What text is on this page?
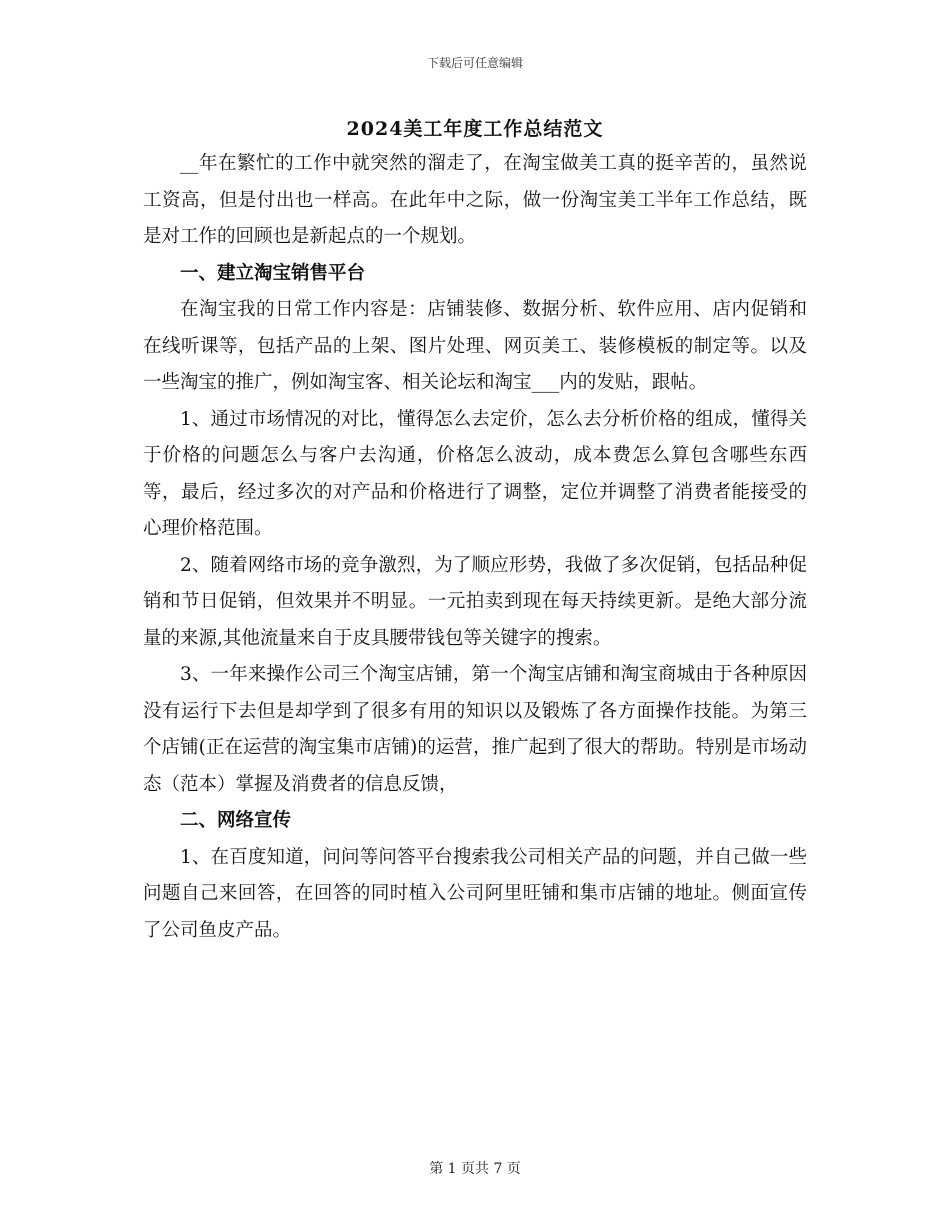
下载后可任意编辑
2024美工年度工作总结范文

__年在繁忙的工作中就突然的溜走了，在淘宝做美工真的挺辛苦的，虽然说工资高，但是付出也一样高。在此年中之际，做一份淘宝美工半年工作总结，既是对工作的回顾也是新起点的一个规划。

一、建立淘宝销售平台

在淘宝我的日常工作内容是：店铺装修、数据分析、软件应用、店内促销和在线听课等，包括产品的上架、图片处理、网页美工、装修模板的制定等。以及一些淘宝的推广，例如淘宝客、相关论坛和淘宝___内的发贴，跟帖。

1、通过市场情况的对比，懂得怎么去定价，怎么去分析价格的组成，懂得关于价格的问题怎么与客户去沟通，价格怎么波动，成本费怎么算包含哪些东西等，最后，经过多次的对产品和价格进行了调整，定位并调整了消费者能接受的心理价格范围。

2、随着网络市场的竞争激烈，为了顺应形势，我做了多次促销，包括品种促销和节日促销，但效果并不明显。一元拍卖到现在每天持续更新。是绝大部分流量的来源,其他流量来自于皮具腰带钱包等关键字的搜索。

3、一年来操作公司三个淘宝店铺，第一个淘宝店铺和淘宝商城由于各种原因没有运行下去但是却学到了很多有用的知识以及锻炼了各方面操作技能。为第三个店铺(正在运营的淘宝集市店铺)的运营，推广起到了很大的帮助。特别是市场动态（范本）掌握及消费者的信息反馈，

二、网络宣传

1、在百度知道，问问等问答平台搜索我公司相关产品的问题，并自己做一些问题自己来回答，在回答的同时植入公司阿里旺铺和集市店铺的地址。侧面宣传了公司鱼皮产品。

第 1 页共 7 页
